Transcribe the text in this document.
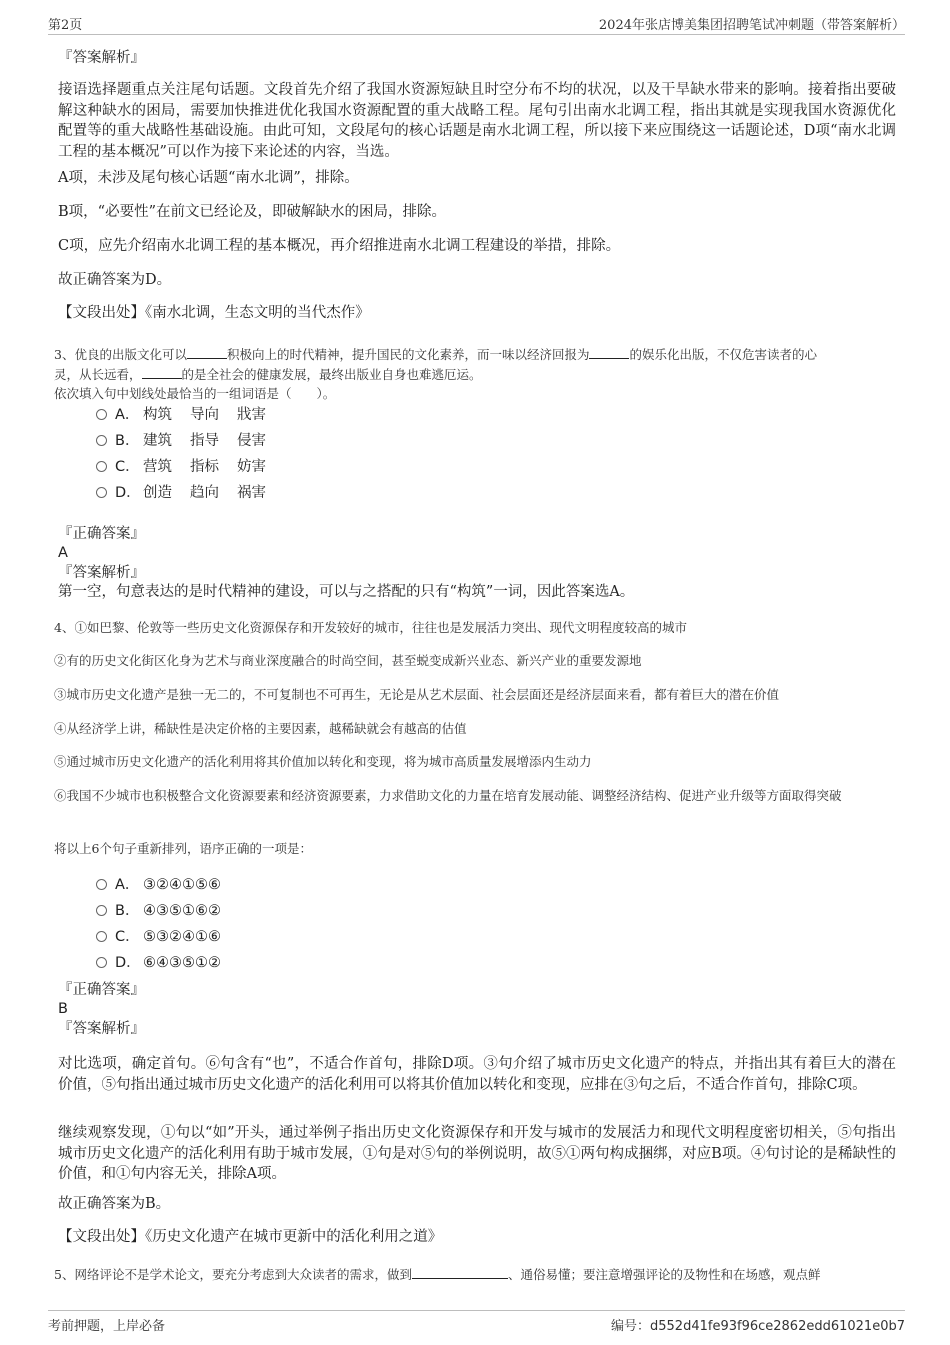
第2页	2024年张店博美集团招聘笔试冲刺题（带答案解析）
『答案解析』
接语选择题重点关注尾句话题。文段首先介绍了我国水资源短缺且时空分布不均的状况，以及干旱缺水带来的影响。接着指出要破解这种缺水的困局，需要加快推进优化我国水资源配置的重大战略工程。尾句引出南水北调工程，指出其就是实现我国水资源优化配置等的重大战略性基础设施。由此可知，文段尾句的核心话题是南水北调工程，所以接下来应围绕这一话题论述，D项“南水北调工程的基本概况”可以作为接下来论述的内容，当选。
A项，未涉及尾句核心话题“南水北调”，排除。
B项，“必要性”在前文已经论及，即破解缺水的困局，排除。
C项，应先介绍南水北调工程的基本概况，再介绍推进南水北调工程建设的举措，排除。
故正确答案为D。
【文段出处】《南水北调，生态文明的当代杰作》
3、优良的出版文化可以	积极向上的时代精神，提升国民的文化素养，而一味以经济回报为	的娱乐化出版，不仅危害读者的心
灵，从长远看，	的是全社会的健康发展，最终出版业自身也难逃厄运。
依次填入句中划线处最恰当的一组词语是（　　）。
A． 构筑 导向 戕害
B． 建筑 指导 侵害
C． 营筑 指标 妨害
D． 创造 趋向 祸害
『正确答案』
A
『答案解析』
第一空，句意表达的是时代精神的建设，可以与之搭配的只有“构筑”一词，因此答案选A。
4、①如巴黎、伦敦等一些历史文化资源保存和开发较好的城市，往往也是发展活力突出、现代文明程度较高的城市
②有的历史文化街区化身为艺术与商业深度融合的时尚空间，甚至蜕变成新兴业态、新兴产业的重要发源地
③城市历史文化遗产是独一无二的，不可复制也不可再生，无论是从艺术层面、社会层面还是经济层面来看，都有着巨大的潜在价值
④从经济学上讲，稀缺性是决定价格的主要因素，越稀缺就会有越高的估值
⑤通过城市历史文化遗产的活化利用将其价值加以转化和变现，将为城市高质量发展增添内生动力
⑥我国不少城市也积极整合文化资源要素和经济资源要素，力求借助文化的力量在培育发展动能、调整经济结构、促进产业升级等方面取得突破
将以上6个句子重新排列，语序正确的一项是：
A． ③②④①⑤⑥
B． ④③⑤①⑥②
C． ⑤③②④①⑥
D． ⑥④③⑤①②
『正确答案』
B
『答案解析』
对比选项，确定首句。⑥句含有“也”，不适合作首句，排除D项。③句介绍了城市历史文化遗产的特点，并指出其有着巨大的潜在价值，⑤句指出通过城市历史文化遗产的活化利用可以将其价值加以转化和变现，应排在③句之后，不适合作首句，排除C项。
继续观察发现，①句以“如”开头，通过举例子指出历史文化资源保存和开发与城市的发展活力和现代文明程度密切相关，⑤句指出城市历史文化遗产的活化利用有助于城市发展，①句是对⑤句的举例说明，故⑤①两句构成捆绑，对应B项。④句讨论的是稀缺性的价值，和①句内容无关，排除A项。
故正确答案为B。
【文段出处】《历史文化遗产在城市更新中的活化利用之道》
5、网络评论不是学术论文，要充分考虑到大众读者的需求，做到	、通俗易懂；要注意增强评论的及物性和在场感，观点鲜
考前押题，上岸必备	编号：d552d41fe93f96ce2862edd61021e0b7
